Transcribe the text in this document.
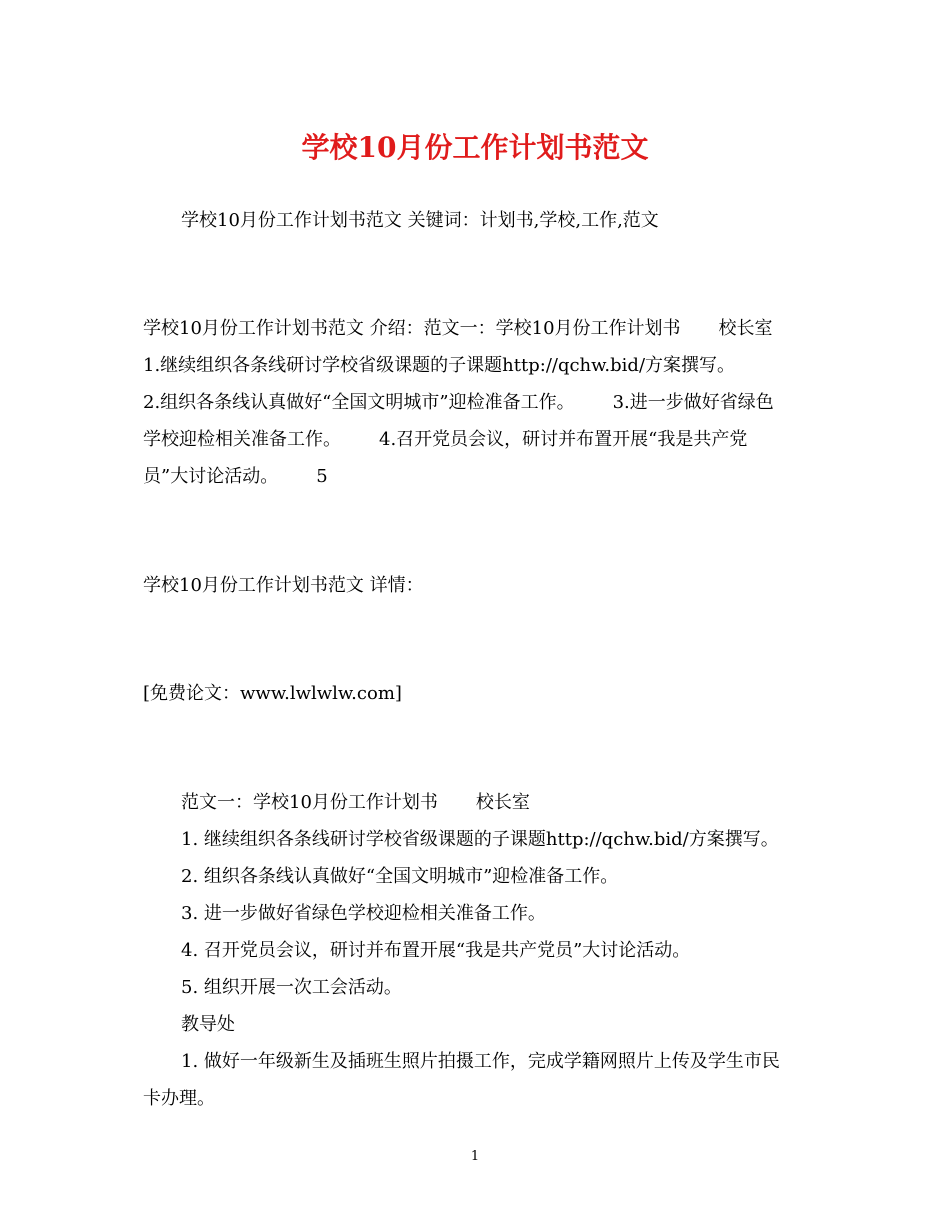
学校10月份工作计划书范文
学校10月份工作计划书范文 关键词：计划书,学校,工作,范文
学校10月份工作计划书范文 介绍：范文一：学校10月份工作计划书 校长室
1.继续组织各条线研讨学校省级课题的子课题http://qchw.bid/方案撰写。
2.组织各条线认真做好“全国文明城市”迎检准备工作。 3.进一步做好省绿色
学校迎检相关准备工作。 4.召开党员会议，研讨并布置开展“我是共产党
员”大讨论活动。 5
学校10月份工作计划书范文 详情：
[免费论文：www.lwlwlw.com]
范文一：学校10月份工作计划书 校长室
1. 继续组织各条线研讨学校省级课题的子课题http://qchw.bid/方案撰写。
2. 组织各条线认真做好“全国文明城市”迎检准备工作。
3. 进一步做好省绿色学校迎检相关准备工作。
4. 召开党员会议，研讨并布置开展“我是共产党员”大讨论活动。
5. 组织开展一次工会活动。
教导处
1. 做好一年级新生及插班生照片拍摄工作，完成学籍网照片上传及学生市民
卡办理。
1
